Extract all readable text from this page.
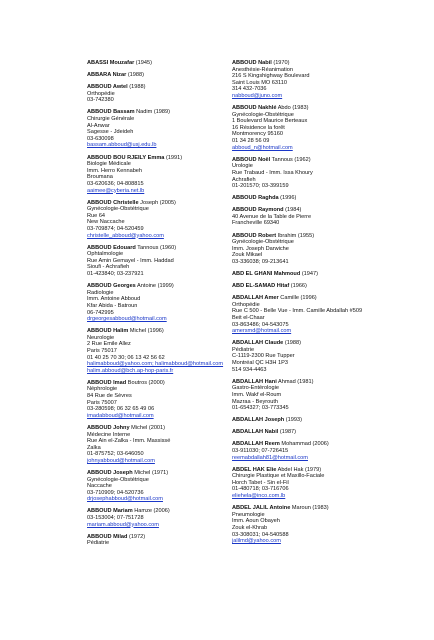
ABASSI Mouzafar (1945)
ABBARA Nizar (1988)
ABBOUD Awtel (1988)
Orthopédie
03-742380
ABBOUD Bassam Nadim (1989)
Chirurgie Générale
Al-Anwar
Sagesse - Jdeideh
03-630098
bassam.abboud@usj.edu.lb
ABBOUD BOU RJEILY Emma (1991)
Biologie Médicale
Imm. Herro Kennabeh
Broumana
03-620636; 04-808815
aaimee@cyberia.net.lb
ABBOUD Christelle Joseph (2005)
Gynécologie-Obstétrique
Rue 64
New Naccache
03-709874; 04-520459
christelle_abboud@yahoo.com
ABBOUD Edouard Tannous (1960)
Ophtalmologie
Rue Amin Gemayel - Imm. Haddad
Sioufi - Achrafieh
01-423840; 03-237921
ABBOUD Georges Antoine (1999)
Radiologie
Imm. Antoine Abboud
Kfar Abida - Batroun
06-742995
drgeorgesabboud@hotmail.com
ABBOUD Halim Michel (1996)
Neurologie
2 Rue Emile Allez
Paris 75017
01 40 25 70 30; 06 13 42 56 62
halimabboud@yahoo.com; halimabboud@hotmail.com
halim.abboud@bch.ap-hop-paris.fr
ABBOUD Imad Boutros (2000)
Néphrologie
84 Rue de Sèvres
Paris 75007
03-280598; 06 32 65 49 06
imadabboud@hotmail.com
ABBOUD Johny Michel (2001)
Médecine Interne
Rue Ain el-Zalka - Imm. Massissé
Zalka
01-875752; 03-646050
johnyabboud@hotmail.com
ABBOUD Joseph Michel (1971)
Gynécologie-Obstétrique
Naccache
03-710909; 04-520736
drjosephabboud@hotmail.com
ABBOUD Mariam Hamze (2006)
03-153004; 07-751728
mariam.abboud@yahoo.com
ABBOUD Milad (1972)
Pédiatrie
ABBOUD Nabil (1970)
Anesthésie-Réanimation
216 S Kingshighway Boulevard
Saint Louis MO 63110
314 432-7036
nabboud@juno.com
ABBOUD Nakhlé Abdo (1983)
Gynécologie-Obstétrique
1 Boulevard Maurice Berteaux
16 Résidence la forêt
Montmorency 95160
01 34 28 56 09
abboud_n@hotmail.com
ABBOUD Noël Tannous (1962)
Urologie
Rue Trabaud - Imm. Issa Khoury
Achrafieh
01-201570; 03-399159
ABBOUD Raghda (1996)
ABBOUD Raymond (1984)
40 Avenue de la Table de Pierre
Francheville 69340
ABBOUD Robert Ibrahim (1955)
Gynécologie-Obstétrique
Imm. Joseph Darwiche
Zouk Mikael
03-336038; 09-213641
ABD EL GHANI Mahmoud (1947)
ABD EL-SAMAD Hitaf (1966)
ABDALLAH Amer Camille (1996)
Orthopédie
Rue C 500 - Belle Vue - Imm. Camille Abdallah #509
Beit el-Chaar
03-863486; 04-543075
amersmd@hotmail.com
ABDALLAH Claude (1988)
Pédiatrie
C-1119-2300 Rue Tupper
Montréal QC H3H 1P3
514 934-4463
ABDALLAH Hani Ahmad (1981)
Gastro-Entérologie
Imm. Wakf el-Roum
Mazraa - Beyrouth
01-654327; 03-773345
ABDALLAH Joseph (1993)
ABDALLAH Nabil (1987)
ABDALLAH Reem Mohammad (2006)
03-911030; 07-726415
reemabdallah81@hotmail.com
ABDEL HAK Elie Abdel Hak (1979)
Chirurgie Plastique et Maxillo-Faciale
Horch Tabet - Sin el-Fil
01-480718; 03-716706
eliehela@inco.com.lb
ABDEL JALIL Antoine Maroun (1983)
Pneumologie
Imm. Aoun Obayeh
Zouk el-Khrab
03-308031; 04-540588
jalilmd@yahoo.com
